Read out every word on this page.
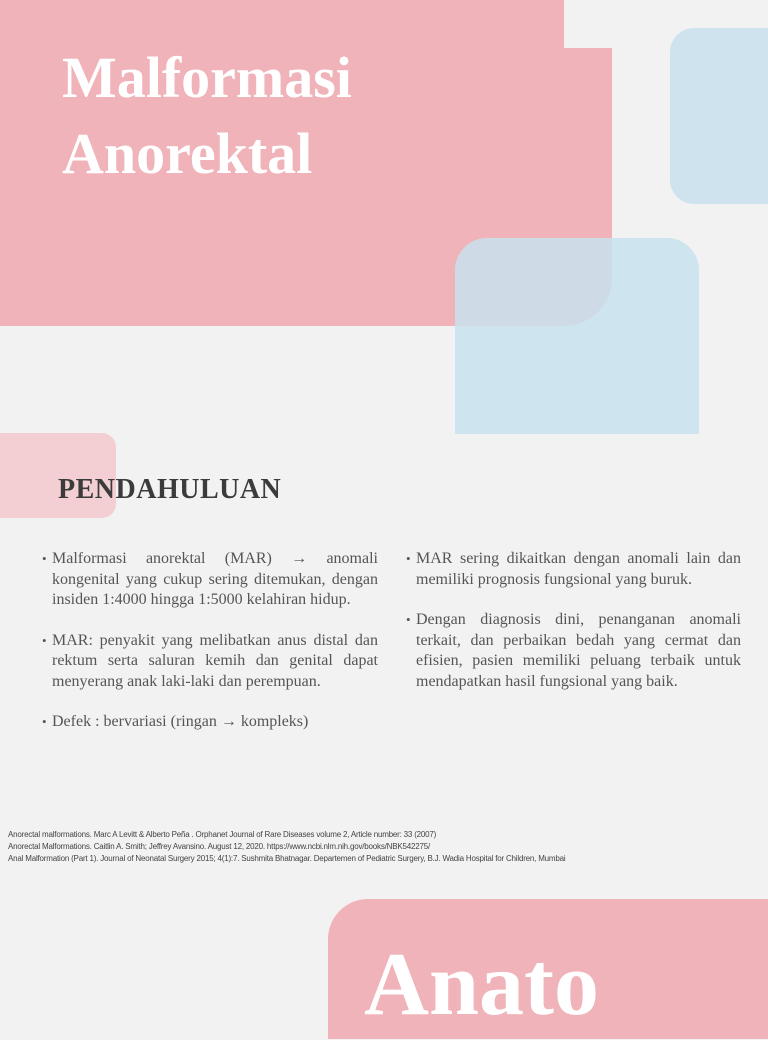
Malformasi
Anorektal
PENDAHULUAN
• Malformasi anorektal (MAR) → anomali kongenital yang cukup sering ditemukan, dengan insiden 1:4000 hingga 1:5000 kelahiran hidup.
• MAR: penyakit yang melibatkan anus distal dan rektum serta saluran kemih dan genital dapat menyerang anak laki-laki dan perempuan.
• Defek : bervariasi (ringan → kompleks)
• MAR sering dikaitkan dengan anomali lain dan memiliki prognosis fungsional yang buruk.
• Dengan diagnosis dini, penanganan anomali terkait, dan perbaikan bedah yang cermat dan efisien, pasien memiliki peluang terbaik untuk mendapatkan hasil fungsional yang baik.
Anorectal malformations. Marc A Levitt & Alberto Peña . Orphanet Journal of Rare Diseases volume 2, Article number: 33 (2007)
Anorectal Malformations. Caitlin A. Smith; Jeffrey Avansino. August 12, 2020. https://www.ncbi.nlm.nih.gov/books/NBK542275/
Anal Malformation (Part 1). Journal of Neonatal Surgery 2015; 4(1):7. Sushmita Bhatnagar. Departemen of Pediatric Surgery, B.J. Wadia Hospital for Children, Mumbai
Anato
